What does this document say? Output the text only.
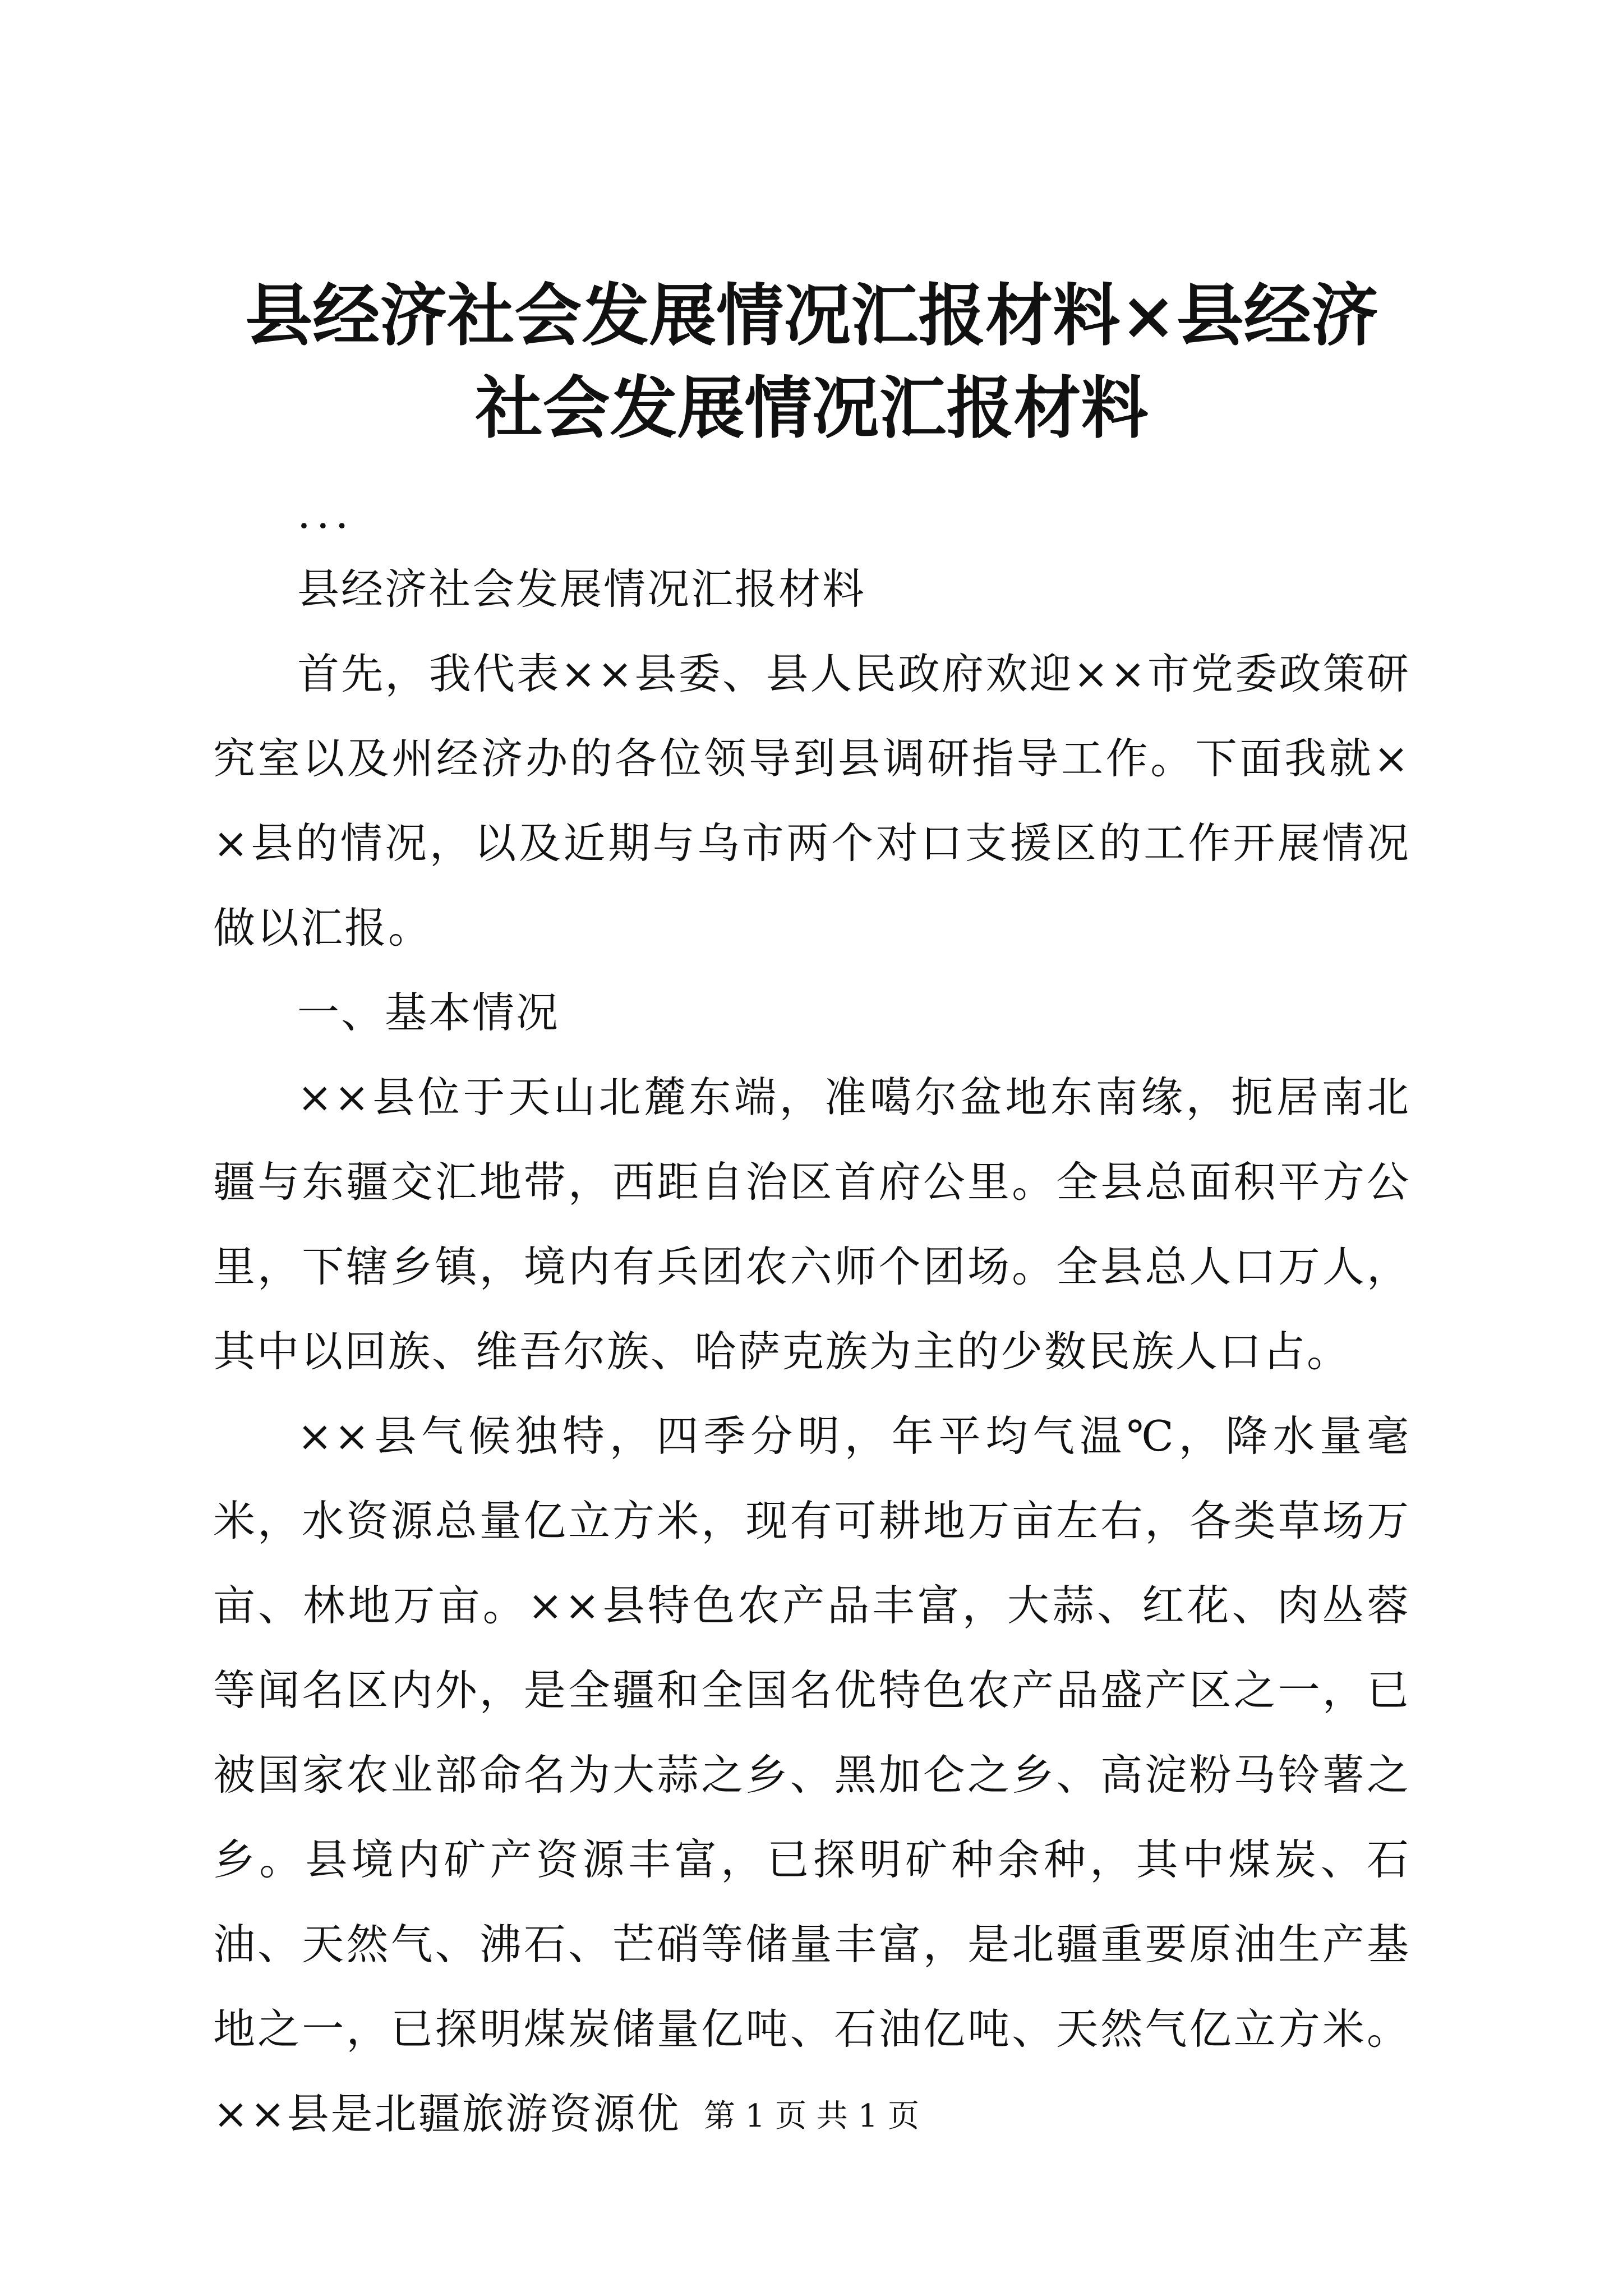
县经济社会发展情况汇报材料×县经济社会发展情况汇报材料

...

县经济社会发展情况汇报材料

首先，我代表××县委、县人民政府欢迎××市党委政策研究室以及州经济办的各位领导到县调研指导工作。下面我就××县的情况，以及近期与乌市两个对口支援区的工作开展情况做以汇报。

一、基本情况

××县位于天山北麓东端，准噶尔盆地东南缘，扼居南北疆与东疆交汇地带，西距自治区首府公里。全县总面积平方公里，下辖乡镇，境内有兵团农六师个团场。全县总人口万人，其中以回族、维吾尔族、哈萨克族为主的少数民族人口占。

××县气候独特，四季分明，年平均气温℃，降水量毫米，水资源总量亿立方米，现有可耕地万亩左右，各类草场万亩、林地万亩。××县特色农产品丰富，大蒜、红花、肉丛蓉等闻名区内外，是全疆和全国名优特色农产品盛产区之一，已被国家农业部命名为大蒜之乡、黑加仑之乡、高淀粉马铃薯之乡。县境内矿产资源丰富，已探明矿种余种，其中煤炭、石油、天然气、沸石、芒硝等储量丰富，是北疆重要原油生产基地之一，已探明煤炭储量亿吨、石油亿吨、天然气亿立方米。××县是北疆旅游资源优 第 1 页 共 1 页
